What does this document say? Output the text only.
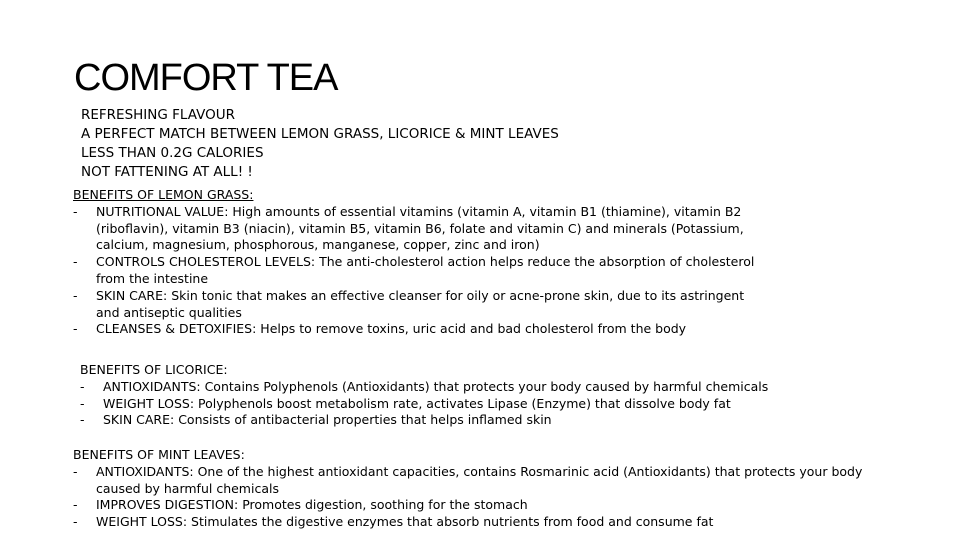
COMFORT TEA
REFRESHING FLAVOUR
A PERFECT MATCH BETWEEN LEMON GRASS, LICORICE & MINT LEAVES
LESS THAN 0.2G CALORIES
NOT FATTENING AT ALL! !
BENEFITS OF LEMON GRASS:
- NUTRITIONAL VALUE: High amounts of essential vitamins (vitamin A, vitamin B1 (thiamine), vitamin B2 (riboflavin), vitamin B3 (niacin), vitamin B5, vitamin B6, folate and vitamin C) and minerals (Potassium, calcium, magnesium, phosphorous, manganese, copper, zinc and iron)
- CONTROLS CHOLESTEROL LEVELS: The anti-cholesterol action helps reduce the absorption of cholesterol from the intestine
- SKIN CARE: Skin tonic that makes an effective cleanser for oily or acne-prone skin, due to its astringent and antiseptic qualities
- CLEANSES & DETOXIFIES: Helps to remove toxins, uric acid and bad cholesterol from the body
BENEFITS OF LICORICE:
- ANTIOXIDANTS: Contains Polyphenols (Antioxidants) that protects your body caused by harmful chemicals
- WEIGHT LOSS: Polyphenols boost metabolism rate, activates Lipase (Enzyme) that dissolve body fat
- SKIN CARE: Consists of antibacterial properties that helps inflamed skin
BENEFITS OF MINT LEAVES:
- ANTIOXIDANTS: One of the highest antioxidant capacities, contains Rosmarinic acid (Antioxidants) that protects your body caused by harmful chemicals
- IMPROVES DIGESTION: Promotes digestion, soothing for the stomach
- WEIGHT LOSS: Stimulates the digestive enzymes that absorb nutrients from food and consume fat
